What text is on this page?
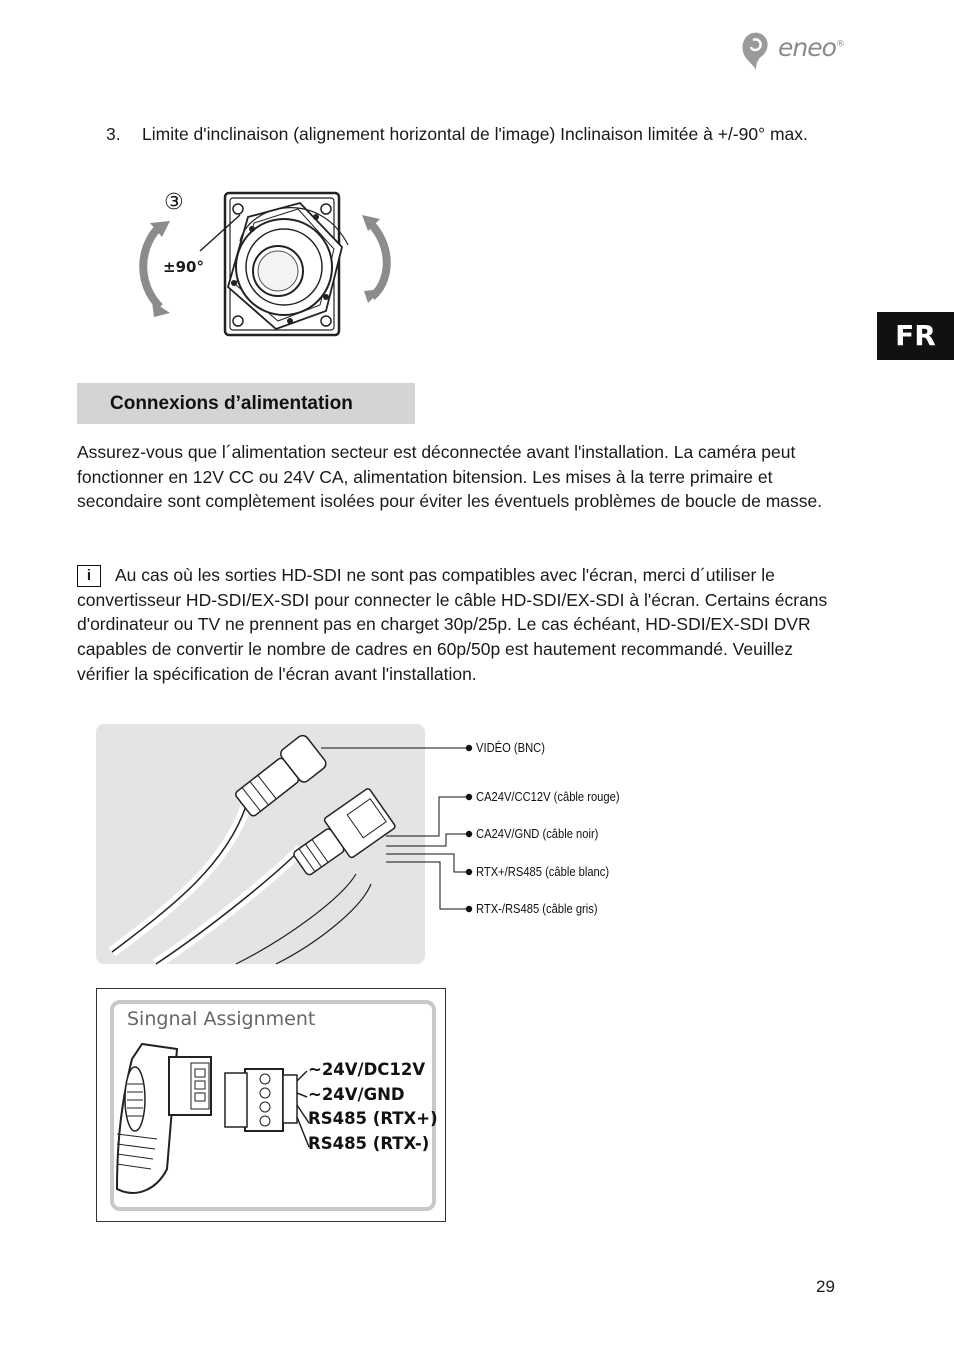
eneo®
FR
3. Limite d'inclinaison (alignement horizontal de l'image) Inclinaison limitée à +/-90° max.
③
±90°
Connexions d’alimentation
Assurez-vous que l´alimentation secteur est déconnectée avant l'installation. La caméra peut fonctionner en 12V CC ou 24V CA, alimentation bitension. Les mises à la terre primaire et secondaire sont complètement isolées pour éviter les éventuels problèmes de boucle de masse.
i Au cas où les sorties HD-SDI ne sont pas compatibles avec l'écran, merci d´utiliser le convertisseur HD-SDI/EX-SDI pour connecter le câble HD-SDI/EX-SDI à l'écran. Certains écrans d'ordinateur ou TV ne prennent pas en charget 30p/25p. Le cas échéant, HD-SDI/EX-SDI DVR capables de convertir le nombre de cadres en 60p/50p est hautement recommandé. Veuillez vérifier la spécification de l'écran avant l'installation.
VIDÉO (BNC)
CA24V/CC12V (câble rouge)
CA24V/GND (câble noir)
RTX+/RS485 (câble blanc)
RTX-/RS485 (câble gris)
Singnal Assignment
~24V/DC12V
~24V/GND
RS485 (RTX+)
RS485 (RTX-)
29
